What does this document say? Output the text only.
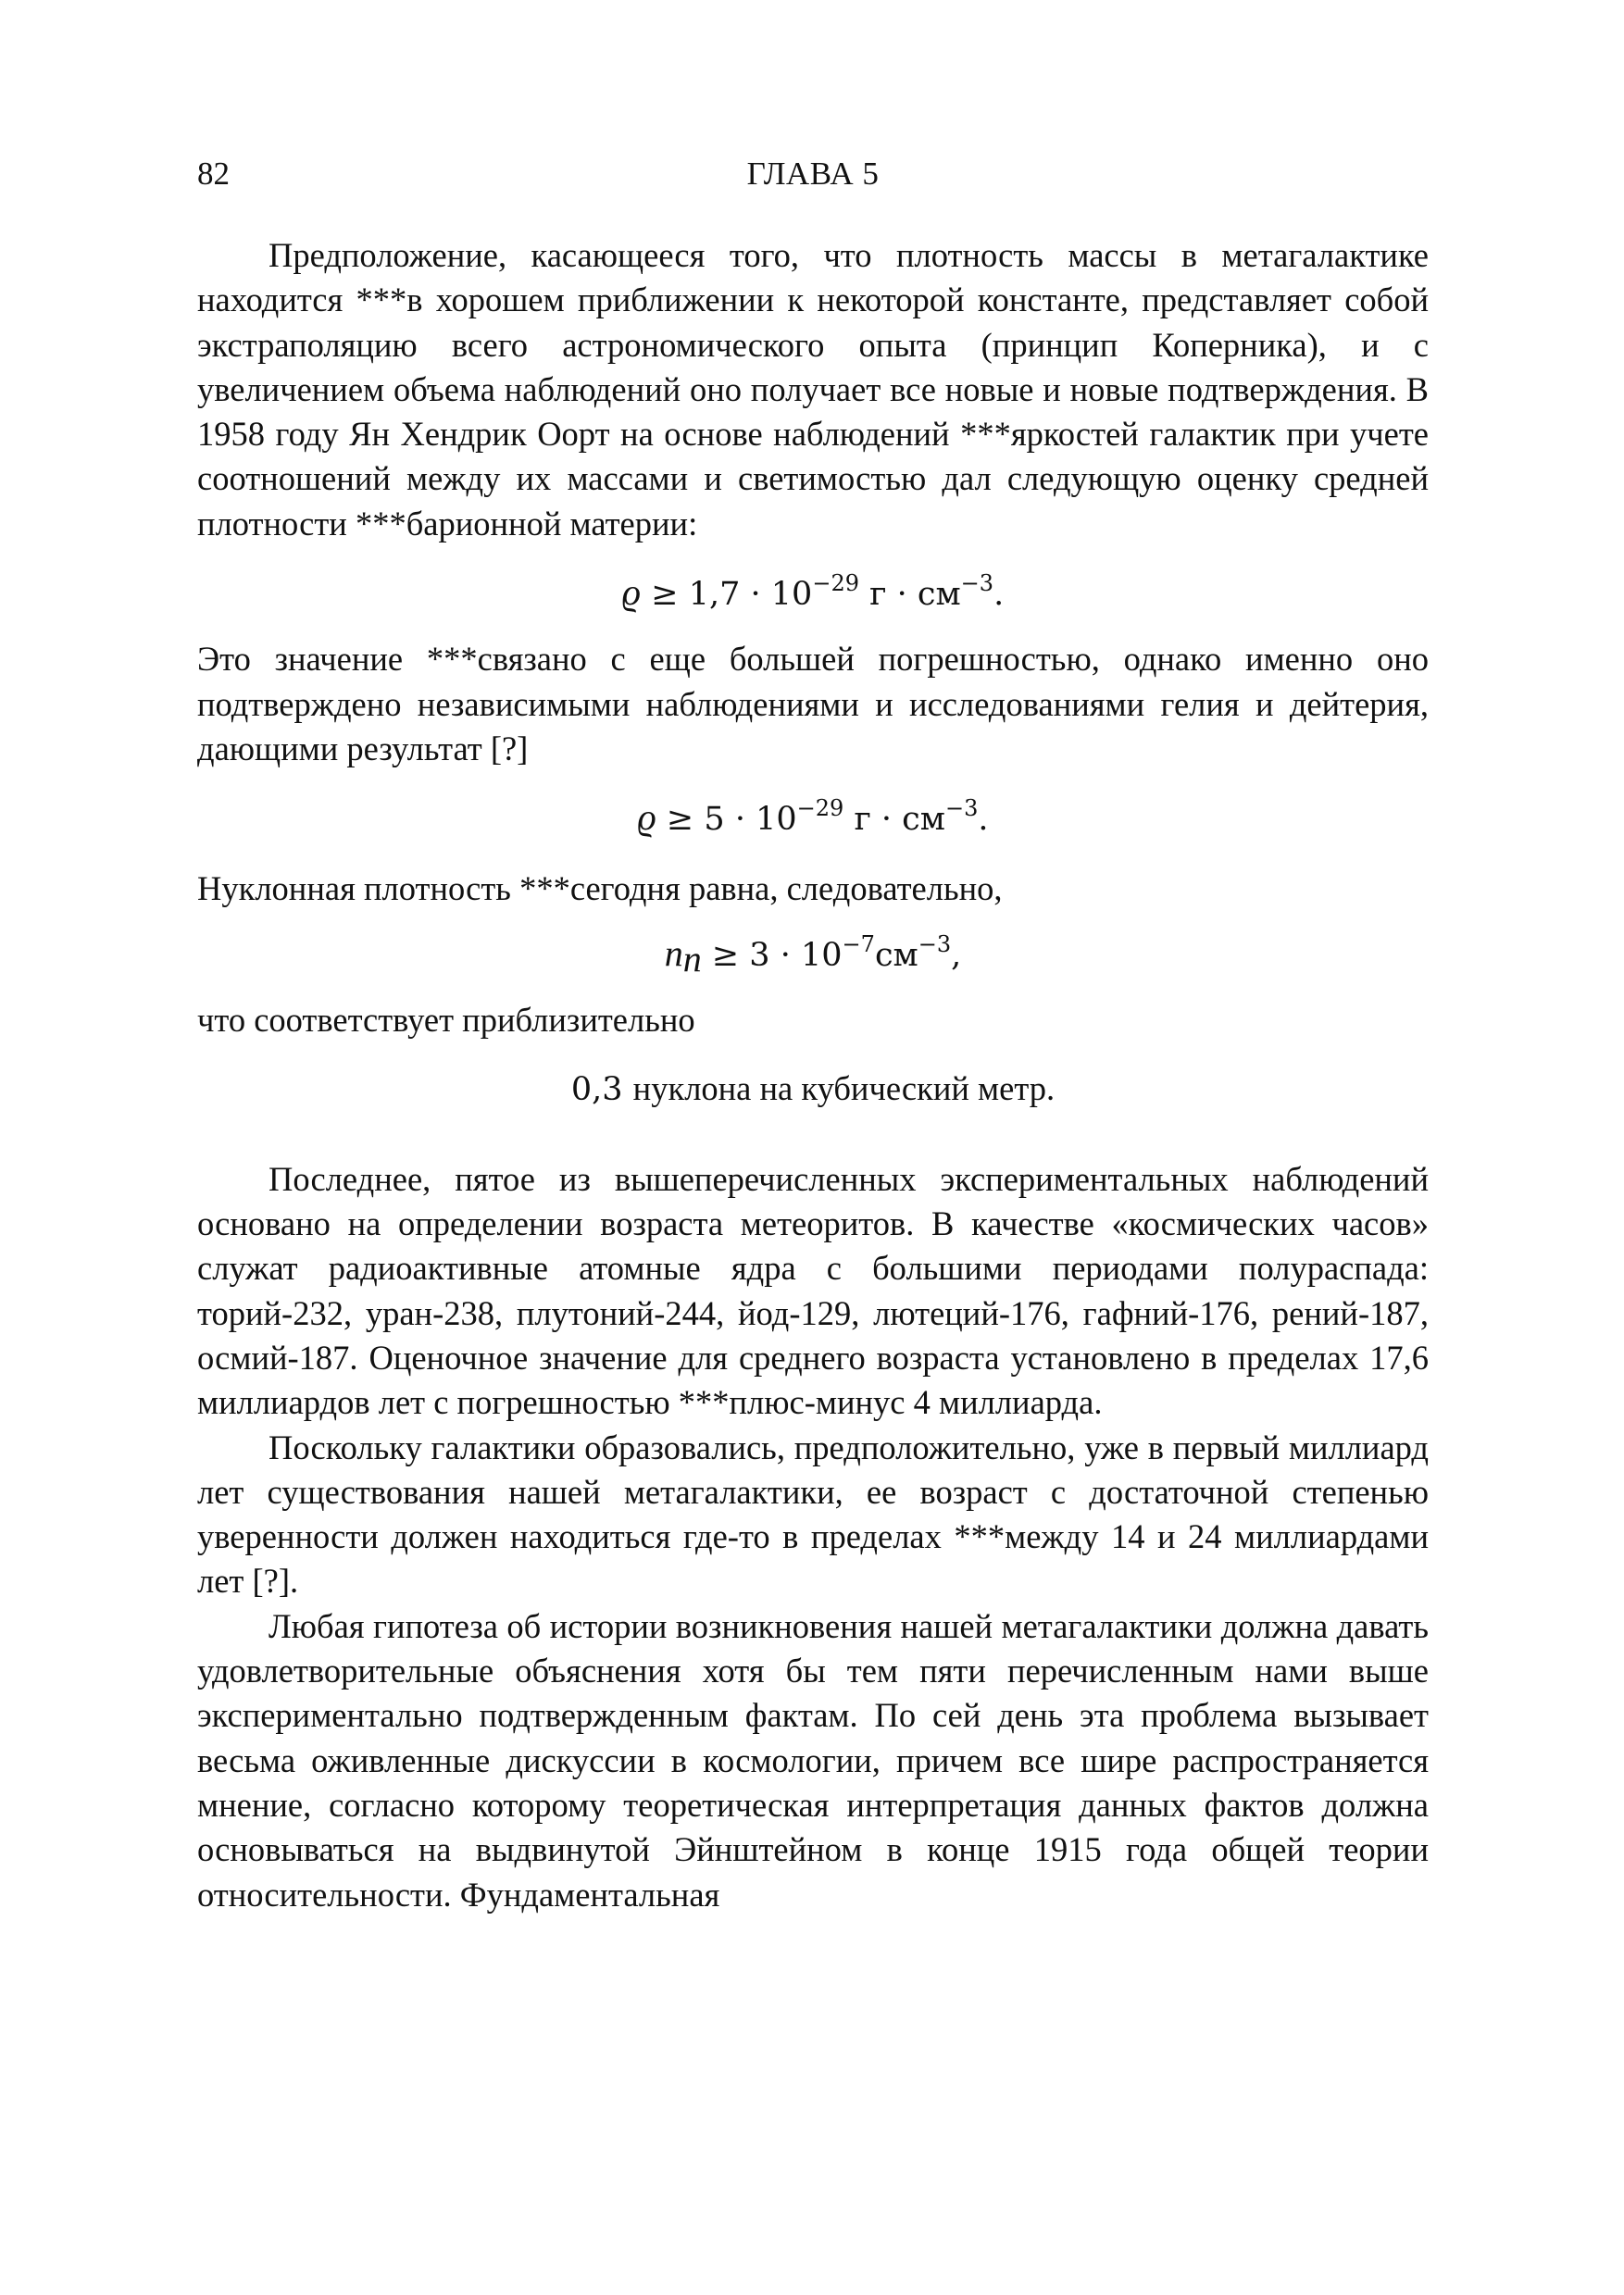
82	ГЛАВА 5

Предположение, касающееся того, что плотность массы в метагалактике находится ***в хорошем приближении к некоторой константе, представляет собой экстраполяцию всего астрономического опыта (принцип Коперника), и с увеличением объема наблюдений оно получает все новые и новые подтверждения. В 1958 году Ян Хендрик Оорт на основе наблюдений ***яркостей галактик при учете соотношений между их массами и светимостью дал следующую оценку средней плотности ***барионной материи:

$ϱ \ge 1,7 \cdot 10^{-29}$ $г \cdot см^{-3}$.

Это значение ***связано с еще большей погрешностью, однако именно оно подтверждено независимыми наблюдениями и исследованиями гелия и дейтерия, дающими результат [?]

$ϱ \ge 5 \cdot 10^{-29}$ $г \cdot см^{-3}$.

Нуклонная плотность ***сегодня равна, следовательно,

$n_n \ge 3 \cdot 10^{-7}см^{-3}$,

что соответствует приблизительно

0,3 нуклона на кубический метр.

Последнее, пятое из вышеперечисленных экспериментальных наблюдений основано на определении возраста метеоритов. В качестве «космических часов» служат радиоактивные атомные ядра с большими периодами полураспада: торий-232, уран-238, плутоний-244, йод-129, лютеций-176, гафний-176, рений-187, осмий-187. Оценочное значение для среднего возраста установлено в пределах 17,6 миллиардов лет с погрешностью ***плюс-минус 4 миллиарда.

Поскольку галактики образовались, предположительно, уже в первый миллиард лет существования нашей метагалактики, ее возраст с достаточной степенью уверенности должен находиться где-то в пределах ***между 14 и 24 миллиардами лет [?].

Любая гипотеза об истории возникновения нашей метагалактики должна давать удовлетворительные объяснения хотя бы тем пяти перечисленным нами выше экспериментально подтвержденным фактам. По сей день эта проблема вызывает весьма оживленные дискуссии в космологии, причем все шире распространяется мнение, согласно которому теоретическая интерпретация данных фактов должна основываться на выдвинутой Эйнштейном в конце 1915 года общей теории относительности. Фундаментальная
